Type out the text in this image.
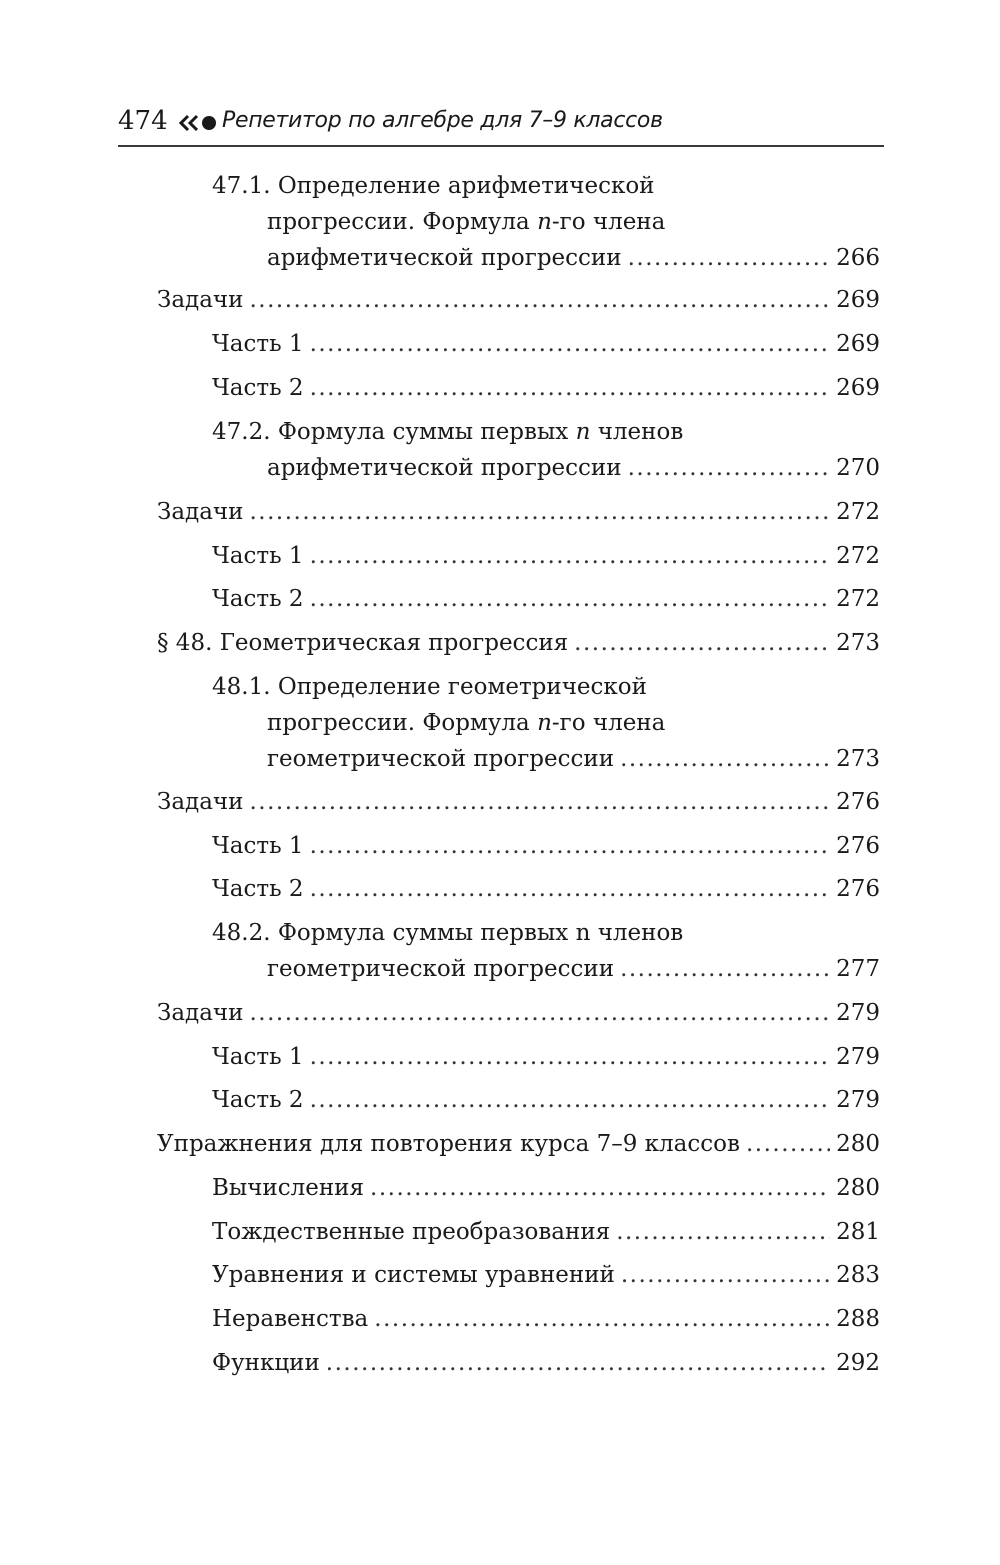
474 Репетитор по алгебре для 7–9 классов
47.1. Определение арифметической
прогрессии. Формула n-го члена
арифметической прогрессии .....	266
Задачи .....	269
Часть 1 .....	269
Часть 2 .....	269
47.2. Формула суммы первых n членов
арифметической прогрессии .....	270
Задачи .....	272
Часть 1 .....	272
Часть 2 .....	272
§ 48. Геометрическая прогрессия .....	273
48.1. Определение геометрической
прогрессии. Формула n-го члена
геометрической прогрессии .....	273
Задачи .....	276
Часть 1 .....	276
Часть 2 .....	276
48.2. Формула суммы первых n членов
геометрической прогрессии .....	277
Задачи .....	279
Часть 1 .....	279
Часть 2 .....	279
Упражнения для повторения курса 7–9 классов .....	280
Вычисления .....	280
Тождественные преобразования .....	281
Уравнения и системы уравнений .....	283
Неравенства .....	288
Функции .....	292
